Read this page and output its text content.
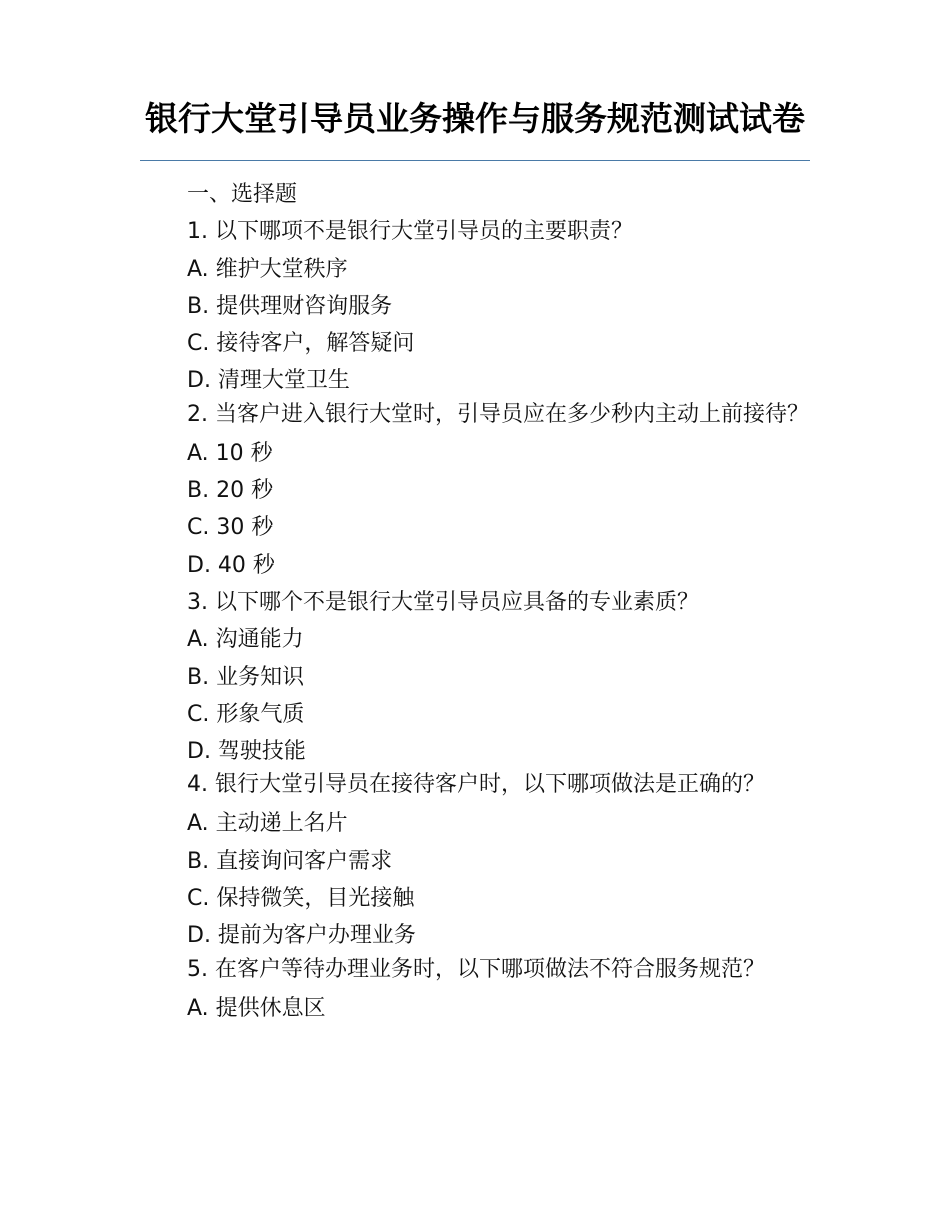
银行大堂引导员业务操作与服务规范测试试卷
一、选择题
1. 以下哪项不是银行大堂引导员的主要职责？
A. 维护大堂秩序
B. 提供理财咨询服务
C. 接待客户，解答疑问
D. 清理大堂卫生
2. 当客户进入银行大堂时，引导员应在多少秒内主动上前接待？
A. 10 秒
B. 20 秒
C. 30 秒
D. 40 秒
3. 以下哪个不是银行大堂引导员应具备的专业素质？
A. 沟通能力
B. 业务知识
C. 形象气质
D. 驾驶技能
4. 银行大堂引导员在接待客户时，以下哪项做法是正确的？
A. 主动递上名片
B. 直接询问客户需求
C. 保持微笑，目光接触
D. 提前为客户办理业务
5. 在客户等待办理业务时，以下哪项做法不符合服务规范？
A. 提供休息区
